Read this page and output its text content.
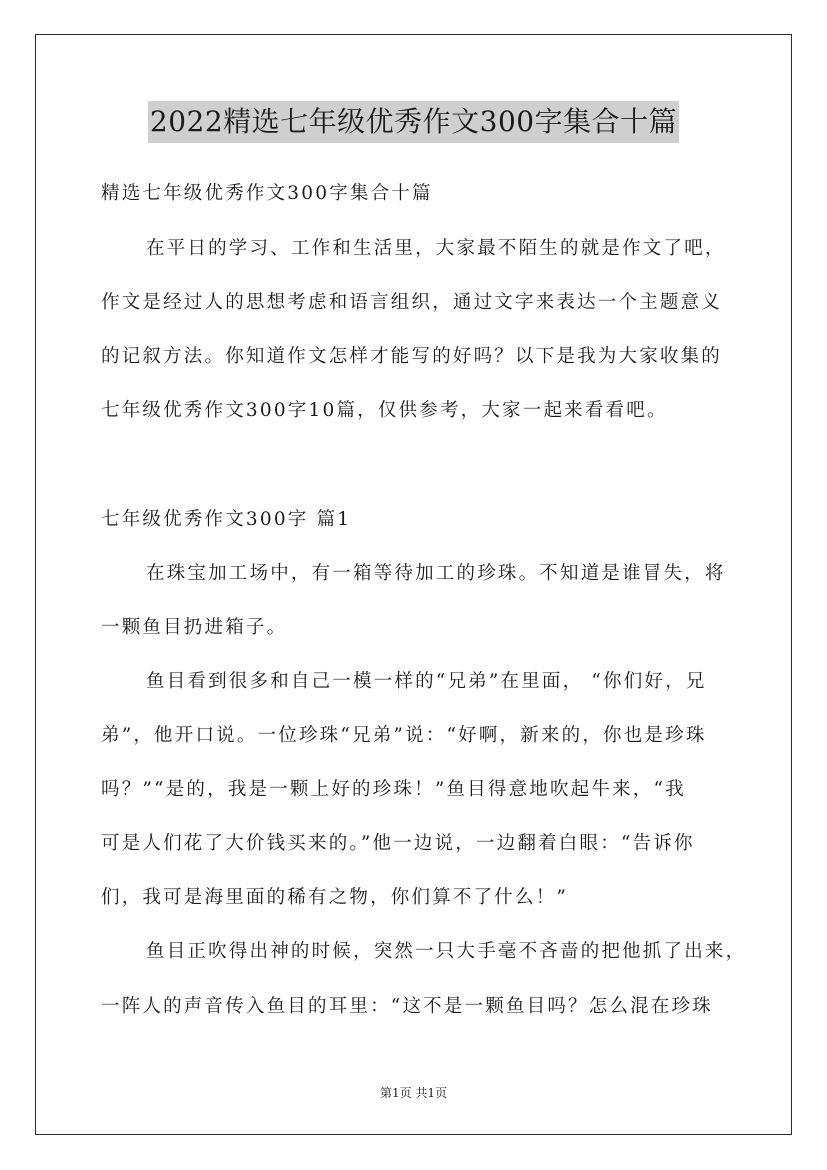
2022精选七年级优秀作文300字集合十篇
精选七年级优秀作文300字集合十篇
在平日的学习、工作和生活里，大家最不陌生的就是作文了吧，
作文是经过人的思想考虑和语言组织，通过文字来表达一个主题意义
的记叙方法。你知道作文怎样才能写的好吗？以下是我为大家收集的
七年级优秀作文300字10篇，仅供参考，大家一起来看看吧。
七年级优秀作文300字 篇1
在珠宝加工场中，有一箱等待加工的珍珠。不知道是谁冒失，将
一颗鱼目扔进箱子。
鱼目看到很多和自己一模一样的“兄弟”在里面， “你们好，兄
弟”，他开口说。一位珍珠“兄弟”说：“好啊，新来的，你也是珍珠
吗？”“是的，我是一颗上好的珍珠！”鱼目得意地吹起牛来，“我
可是人们花了大价钱买来的。”他一边说，一边翻着白眼：“告诉你
们，我可是海里面的稀有之物，你们算不了什么！”
鱼目正吹得出神的时候，突然一只大手毫不吝啬的把他抓了出来，
一阵人的声音传入鱼目的耳里：“这不是一颗鱼目吗？怎么混在珍珠
第1页 共1页
